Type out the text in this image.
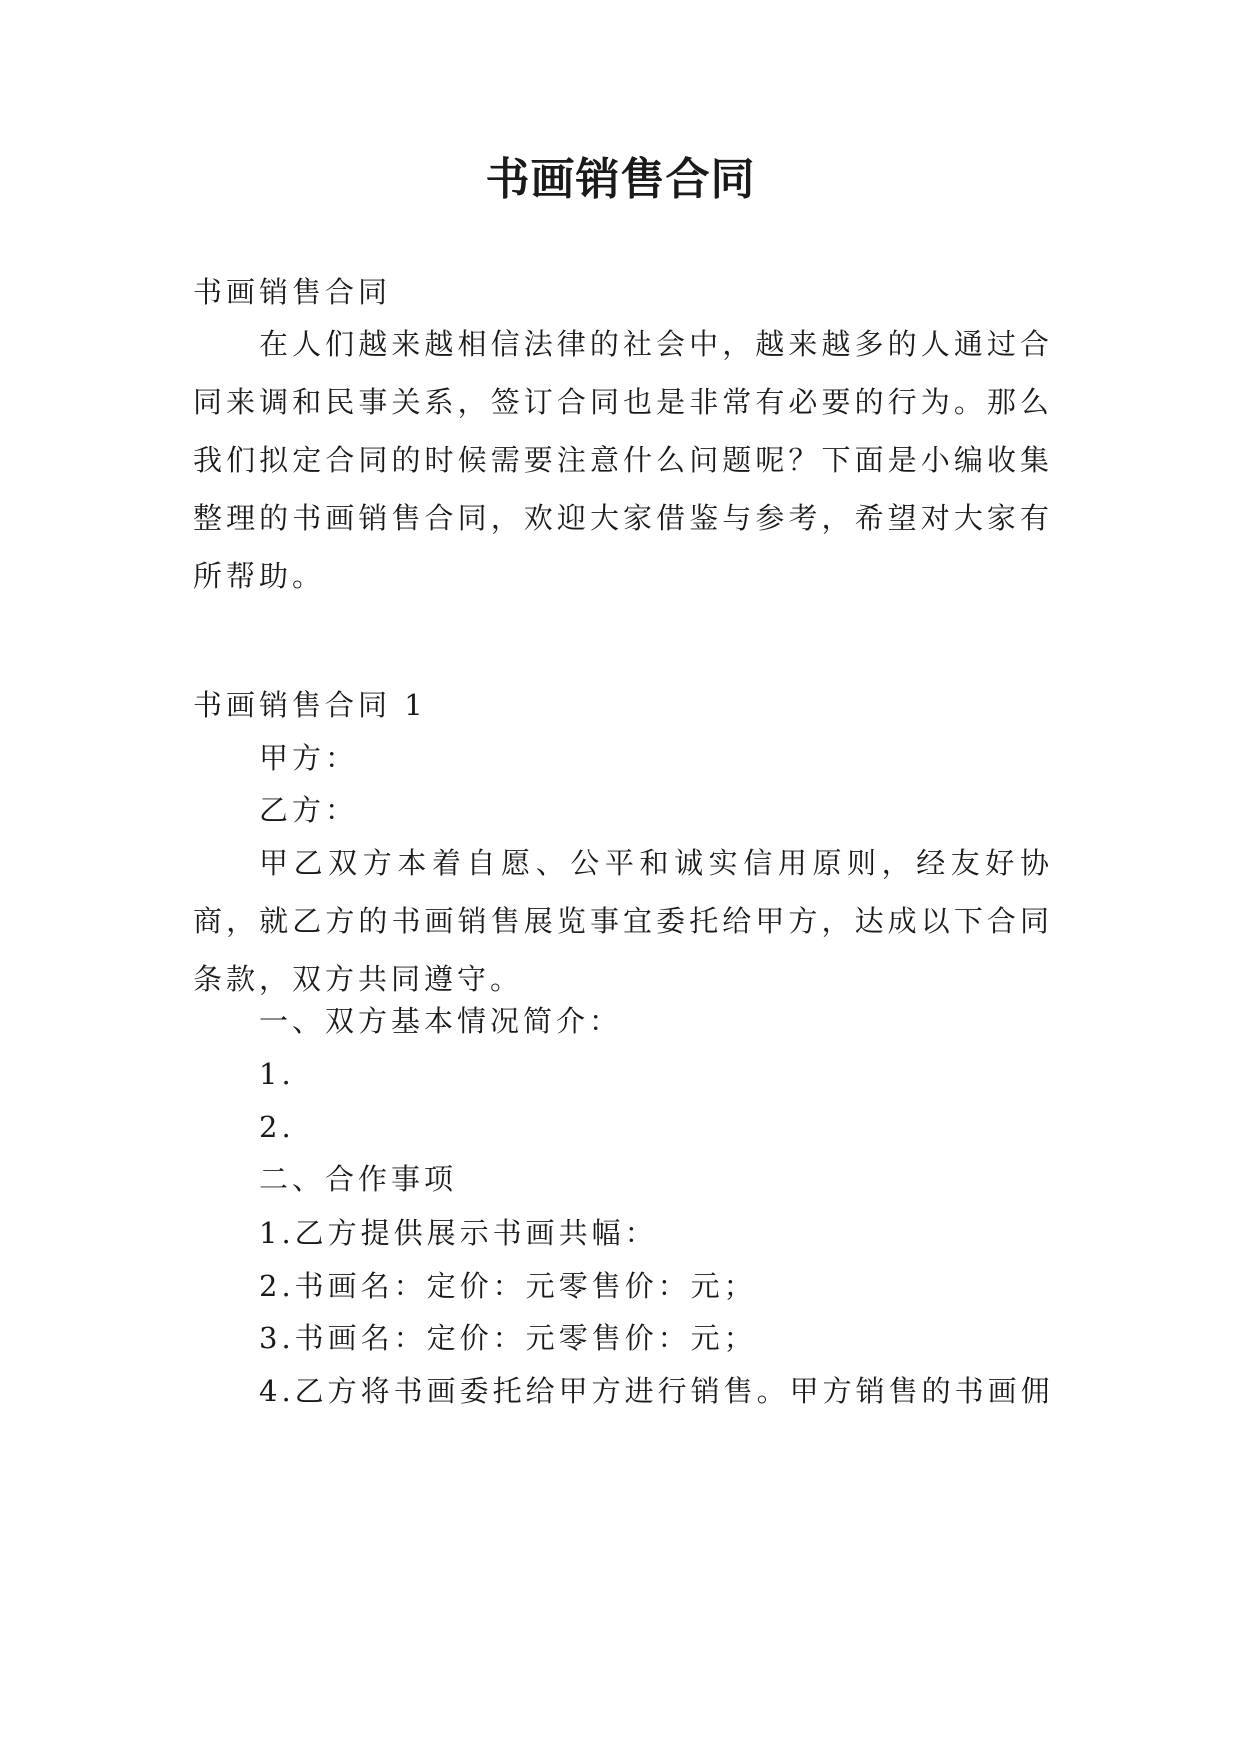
书画销售合同
书画销售合同

在人们越来越相信法律的社会中，越来越多的人通过合同来调和民事关系，签订合同也是非常有必要的行为。那么我们拟定合同的时候需要注意什么问题呢？下面是小编收集整理的书画销售合同，欢迎大家借鉴与参考，希望对大家有所帮助。

书画销售合同 1
甲方：
乙方：

甲乙双方本着自愿、公平和诚实信用原则，经友好协商，就乙方的书画销售展览事宜委托给甲方，达成以下合同条款，双方共同遵守。

一、双方基本情况简介：
1.
2.
二、合作事项
1.乙方提供展示书画共幅：
2.书画名：定价：元零售价：元；
3.书画名：定价：元零售价：元；
4.乙方将书画委托给甲方进行销售。甲方销售的书画佣
